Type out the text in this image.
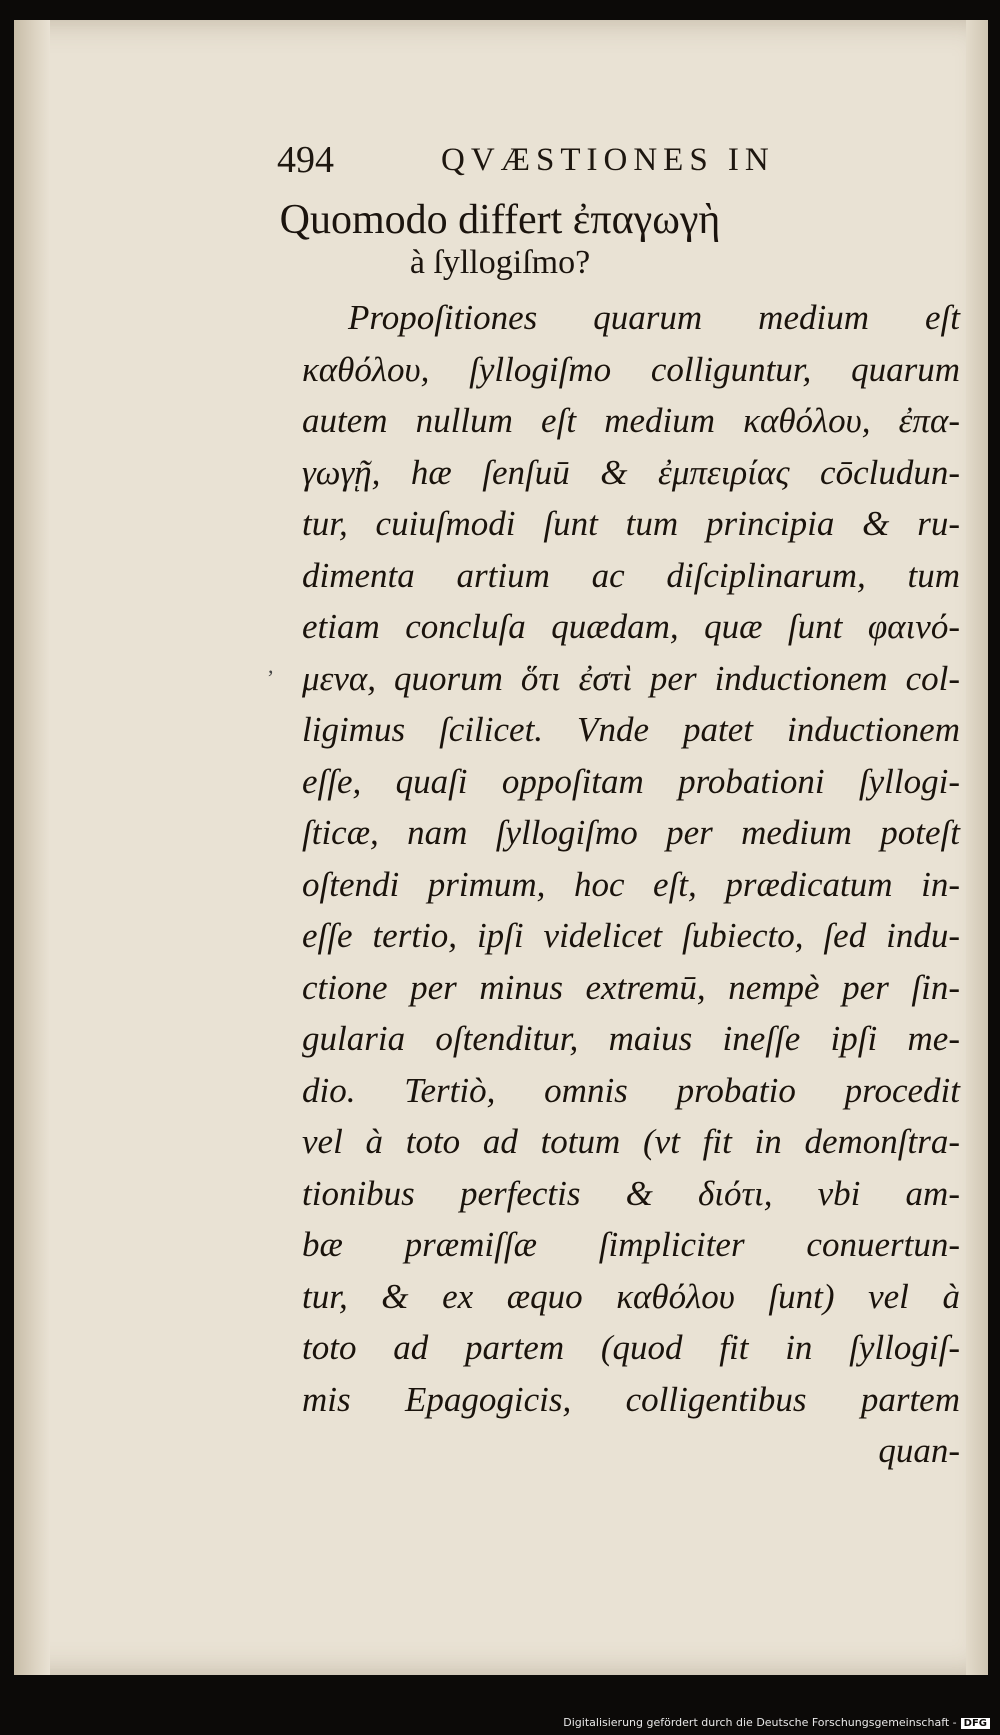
494	QVÆSTIONES IN
Quomodo differt ἐπαγωγὴ
à ſyllogiſmo?
Propoſitiones quarum medium eſt
καθόλου, ſyllogiſmo colliguntur, quarum
autem nullum eſt medium καθόλου, ἐπα-
γωγῇ, hæ ſenſuū & ἐμπειρίας cōcludun-
tur, cuiuſmodi ſunt tum principia & ru-
dimenta artium ac diſciplinarum, tum
etiam concluſa quædam, quæ ſunt φαινό-
, μενα, quorum ὅτι ἐστὶ per inductionem col-
ligimus ſcilicet. Vnde patet inductionem
eſſe, quaſi oppoſitam probationi ſyllogi-
ſticæ, nam ſyllogiſmo per medium poteſt
oſtendi primum, hoc eſt, prædicatum in-
eſſe tertio, ipſi videlicet ſubiecto, ſed indu-
ctione per minus extremū, nempè per ſin-
gularia oſtenditur, maius ineſſe ipſi me-
dio. Tertiò, omnis probatio procedit
vel à toto ad totum (vt fit in demonſtra-
tionibus perfectis & διότι, vbi am-
bæ præmiſſæ ſimpliciter conuertun-
tur, & ex æquo καθόλου ſunt) vel à
toto ad partem (quod fit in ſyllogiſ-
mis Epagogicis, colligentibus partem
quan-
Digitalisierung gefördert durch die Deutsche Forschungsgemeinschaft - DFG
